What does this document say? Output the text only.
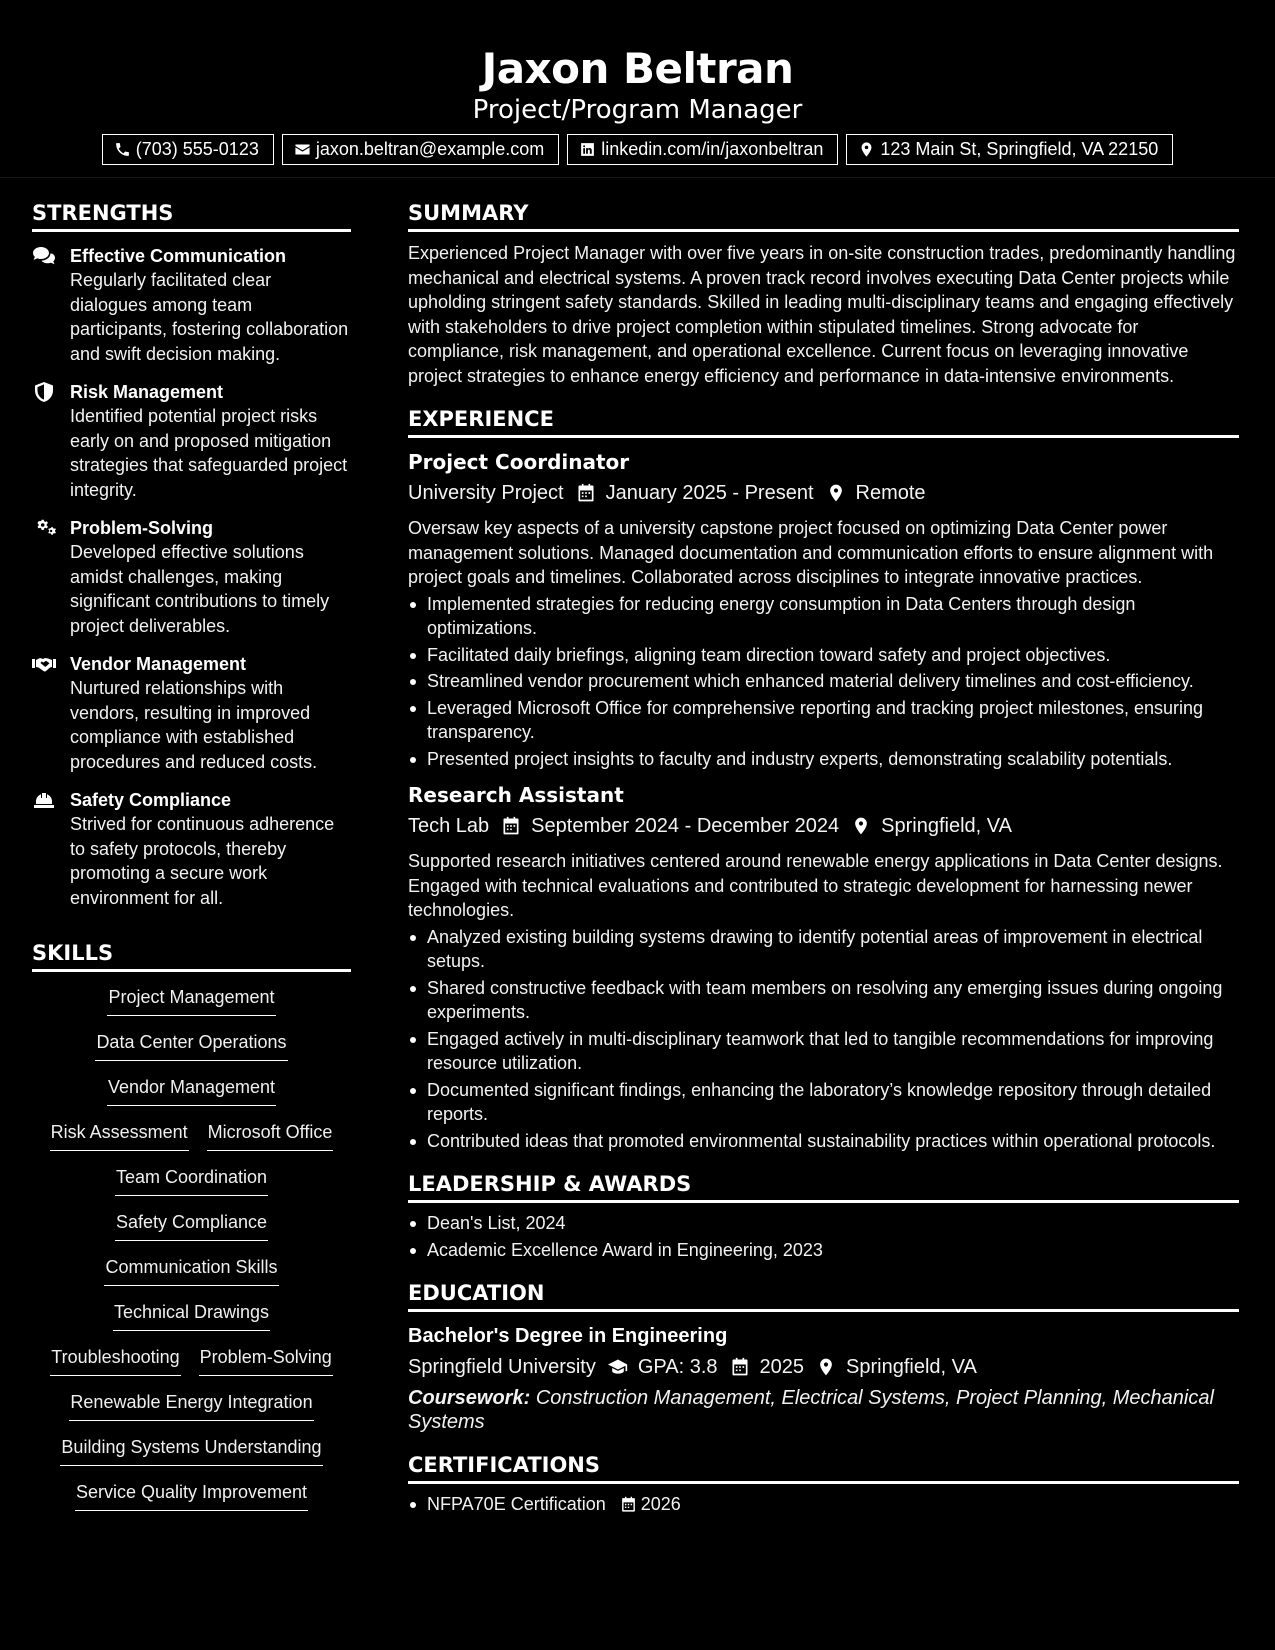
Jaxon Beltran
Project/Program Manager
(703) 555-0123	jaxon.beltran@example.com	linkedin.com/in/jaxonbeltran	123 Main St, Springfield, VA 22150
STRENGTHS
Effective Communication
Regularly facilitated clear dialogues among team participants, fostering collaboration and swift decision making.
Risk Management
Identified potential project risks early on and proposed mitigation strategies that safeguarded project integrity.
Problem-Solving
Developed effective solutions amidst challenges, making significant contributions to timely project deliverables.
Vendor Management
Nurtured relationships with vendors, resulting in improved compliance with established procedures and reduced costs.
Safety Compliance
Strived for continuous adherence to safety protocols, thereby promoting a secure work environment for all.
SKILLS
Project Management
Data Center Operations
Vendor Management
Risk Assessment Microsoft Office
Team Coordination
Safety Compliance
Communication Skills
Technical Drawings
Troubleshooting Problem-Solving
Renewable Energy Integration
Building Systems Understanding
Service Quality Improvement
SUMMARY
Experienced Project Manager with over five years in on-site construction trades, predominantly handling mechanical and electrical systems. A proven track record involves executing Data Center projects while upholding stringent safety standards. Skilled in leading multi-disciplinary teams and engaging effectively with stakeholders to drive project completion within stipulated timelines. Strong advocate for compliance, risk management, and operational excellence. Current focus on leveraging innovative project strategies to enhance energy efficiency and performance in data-intensive environments.
EXPERIENCE
Project Coordinator
University Project January 2025 - Present Remote
Oversaw key aspects of a university capstone project focused on optimizing Data Center power management solutions. Managed documentation and communication efforts to ensure alignment with project goals and timelines. Collaborated across disciplines to integrate innovative practices.
Implemented strategies for reducing energy consumption in Data Centers through design optimizations.
Facilitated daily briefings, aligning team direction toward safety and project objectives.
Streamlined vendor procurement which enhanced material delivery timelines and cost-efficiency.
Leveraged Microsoft Office for comprehensive reporting and tracking project milestones, ensuring transparency.
Presented project insights to faculty and industry experts, demonstrating scalability potentials.
Research Assistant
Tech Lab September 2024 - December 2024 Springfield, VA
Supported research initiatives centered around renewable energy applications in Data Center designs. Engaged with technical evaluations and contributed to strategic development for harnessing newer technologies.
Analyzed existing building systems drawing to identify potential areas of improvement in electrical setups.
Shared constructive feedback with team members on resolving any emerging issues during ongoing experiments.
Engaged actively in multi-disciplinary teamwork that led to tangible recommendations for improving resource utilization.
Documented significant findings, enhancing the laboratory’s knowledge repository through detailed reports.
Contributed ideas that promoted environmental sustainability practices within operational protocols.
LEADERSHIP & AWARDS
Dean's List, 2024
Academic Excellence Award in Engineering, 2023
EDUCATION
Bachelor's Degree in Engineering
Springfield University GPA: 3.8 2025 Springfield, VA
Coursework: Construction Management, Electrical Systems, Project Planning, Mechanical Systems
CERTIFICATIONS
NFPA70E Certification 2026
